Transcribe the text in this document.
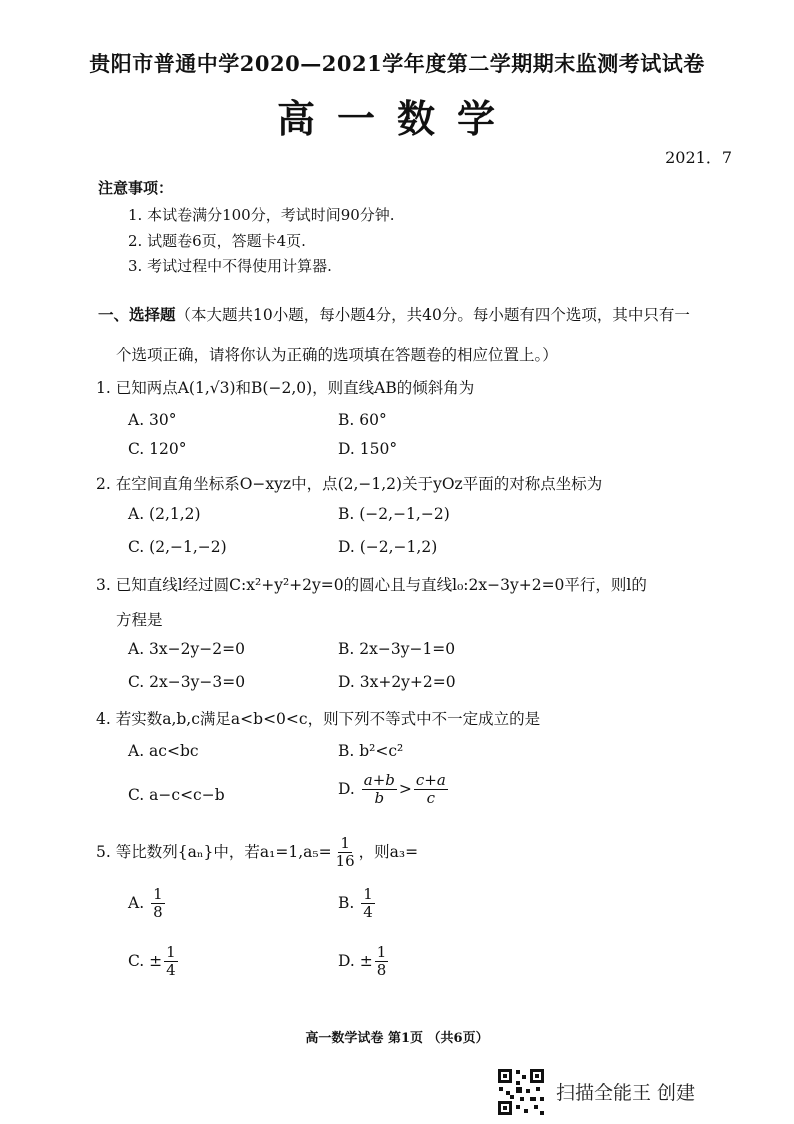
贵阳市普通中学2020—2021学年度第二学期期末监测考试试卷
高一数学
2021．7
注意事项：
1. 本试卷满分100分，考试时间90分钟.
2. 试题卷6页，答题卡4页.
3. 考试过程中不得使用计算器.
一、选择题（本大题共10小题，每小题4分，共40分。每小题有四个选项，其中只有一
个选项正确，请将你认为正确的选项填在答题卷的相应位置上。）
1. 已知两点A(1,√3)和B(−2,0)，则直线AB的倾斜角为
A. 30°	B. 60°
C. 120°	D. 150°
2. 在空间直角坐标系O−xyz中，点(2,−1,2)关于yOz平面的对称点坐标为
A. (2,1,2)	B. (−2,−1,−2)
C. (2,−1,−2)	D. (−2,−1,2)
3. 已知直线l经过圆C:x²+y²+2y=0的圆心且与直线l₀:2x−3y+2=0平行，则l的
方程是
A. 3x−2y−2=0	B. 2x−3y−1=0
C. 2x−3y−3=0	D. 3x+2y+2=0
4. 若实数a,b,c满足a<b<0<c，则下列不等式中不一定成立的是
A. ac<bc	B. b²<c²
C. a−c<c−b	D. $\frac{a+b}{b} > \frac{c+a}{c}$
5. 等比数列{aₙ}中，若$a_1=1,a_5= \frac{1}{16}$ ，则a₃=
A. $\frac{1}{8}$	B. $\frac{1}{4}$
C. ± $\frac{1}{4}$	D. ± $\frac{1}{8}$
高一数学试卷 第1页 （共6页）
扫描全能王 创建
